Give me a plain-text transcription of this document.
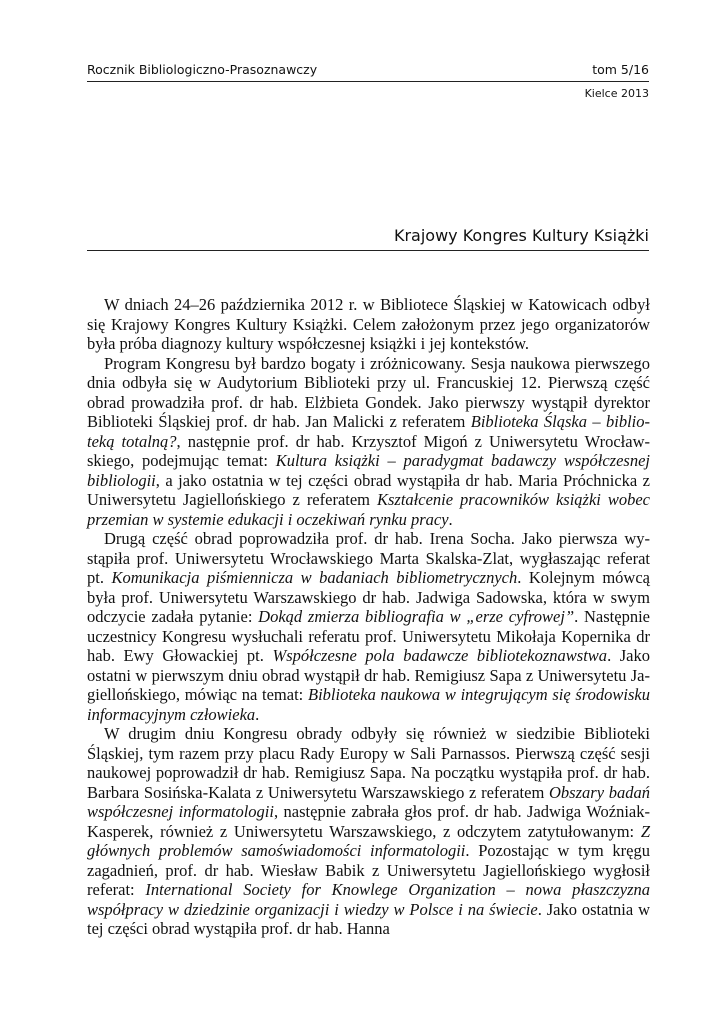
Rocznik Bibliologiczno-Prasoznawczy	tom 5/16
Kielce 2013
Krajowy Kongres Kultury Książki

W dniach 24–26 października 2012 r. w Bibliotece Śląskiej w Katowicach odbył się Krajowy Kongres Kultury Książki. Celem założonym przez jego organizatorów była próba diagnozy kultury współczesnej książki i jej kontekstów.

Program Kongresu był bardzo bogaty i zróżnicowany. Sesja naukowa pierwszego dnia odbyła się w Audytorium Biblioteki przy ul. Francuskiej 12. Pierwszą część obrad prowadziła prof. dr hab. Elżbieta Gondek. Jako pierwszy wystąpił dyrektor Biblioteki Śląskiej prof. dr hab. Jan Malicki z referatem Biblioteka Śląska – biblioteką totalną?, następnie prof. dr hab. Krzysztof Migoń z Uniwersytetu Wrocławskiego, podejmując temat: Kultura książki – paradygmat badawczy współczesnej bibliologii, a jako ostatnia w tej części obrad wystąpiła dr hab. Maria Próchnicka z Uniwersytetu Jagiellońskiego z referatem Kształcenie pracowników książki wobec przemian w systemie edukacji i oczekiwań rynku pracy.

Drugą część obrad poprowadziła prof. dr hab. Irena Socha. Jako pierwsza wystąpiła prof. Uniwersytetu Wrocławskiego Marta Skalska-Zlat, wygłaszając referat pt. Komunikacja piśmiennicza w badaniach bibliometrycznych. Kolejnym mówcą była prof. Uniwersytetu Warszawskiego dr hab. Jadwiga Sadowska, która w swym odczycie zadała pytanie: Dokąd zmierza bibliografia w „erze cyfrowej”. Następnie uczestnicy Kongresu wysłuchali referatu prof. Uniwersytetu Mikołaja Kopernika dr hab. Ewy Głowackiej pt. Współczesne pola badawcze bibliotekoznawstwa. Jako ostatni w pierwszym dniu obrad wystąpił dr hab. Remigiusz Sapa z Uniwersytetu Jagiellońskiego, mówiąc na temat: Biblioteka naukowa w integrującym się środowisku informacyjnym człowieka.

W drugim dniu Kongresu obrady odbyły się również w siedzibie Biblioteki Śląskiej, tym razem przy placu Rady Europy w Sali Parnassos. Pierwszą część sesji naukowej poprowadził dr hab. Remigiusz Sapa. Na początku wystąpiła prof. dr hab. Barbara Sosińska-Kalata z Uniwersytetu Warszawskiego z referatem Obszary badań współczesnej informatologii, następnie zabrała głos prof. dr hab. Jadwiga Woźniak-Kasperek, również z Uniwersytetu Warszawskiego, z odczytem zatytułowanym: Z głównych problemów samoświadomości informatologii. Pozostając w tym kręgu zagadnień, prof. dr hab. Wiesław Babik z Uniwersytetu Jagiellońskiego wygłosił referat: International Society for Knowlege Organization – nowa płaszczyzna współpracy w dziedzinie organizacji i wiedzy w Polsce i na świecie. Jako ostatnia w tej części obrad wystąpiła prof. dr hab. Hanna
